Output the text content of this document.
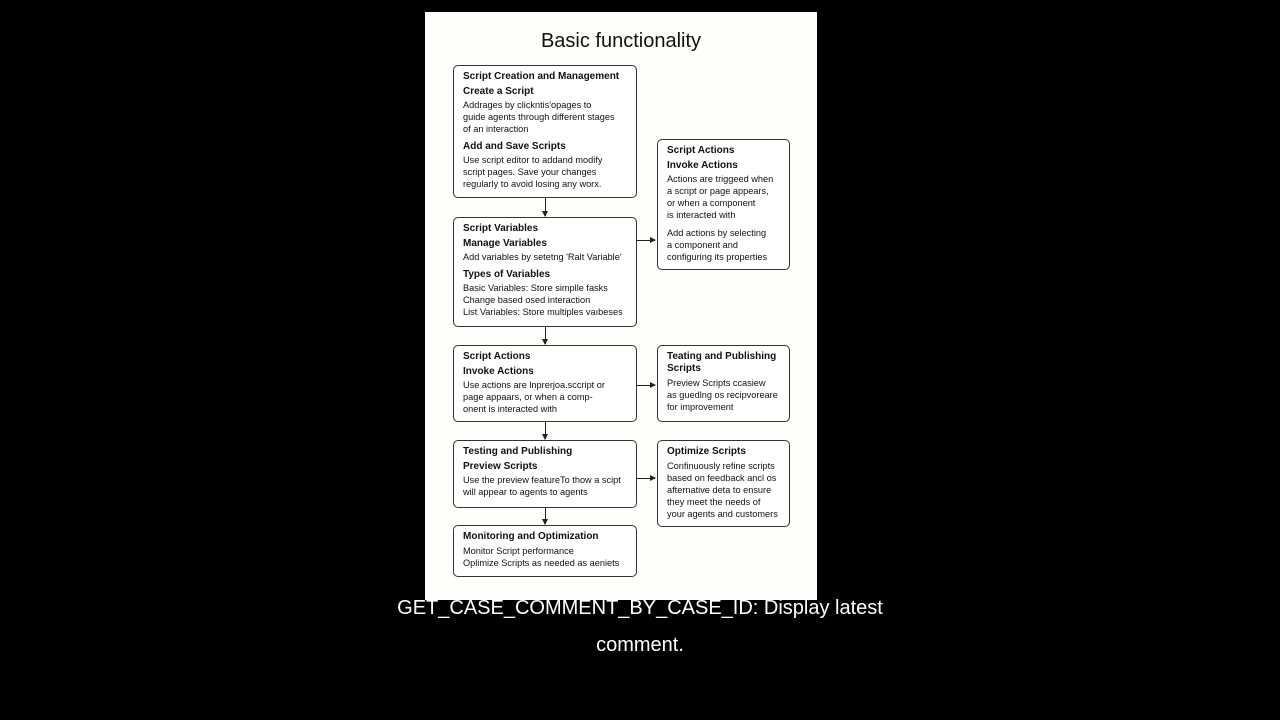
Basic functionality
Script Creation and Management
Create a Script

Addrages by clickntis'opages to
guide agents through different stages
of an interaction

Add and Save Scripts

Use script editor to addand modify
script pages. Save your changes
regularly to avoid losing any worx.

Script Variables
Manage Variables

Add variables by setetng 'Ralt Variable'

Types of Variables

Basic Variables: Store simplle fasks
Change based osed interaction
List Variables: Store multiples vaıbeses

Script Actions
Invoke Actions

Use actions are lnprerjoa.sccript or
page appaars, or when a comp-
onent is interacted with

Testing and Publishing
Preview Scripts

Use the preview featureTo thow a scipt
will appear to agents to agents

Monitoring and Optimization

Monitor Script performance
Oplimize Scripts as needed as aeniets

Script Actions
Invoke Actions

Actions are triggeed when
a script or page appears,
or when a component
is interacted with

Add actions by selecting
a component and
configuring its properties

Teating and Publishing Scripts

Preview Scripts ccasiew
as guedlng os recipvoreare
for improvement

Optimize Scripts

Confinuously refine scripts
based on feedback ancl os
afternative deta to ensure
they meet the needs of
your agents and customers

GET_CASE_COMMENT_BY_CASE_ID: Display latest
comment.
